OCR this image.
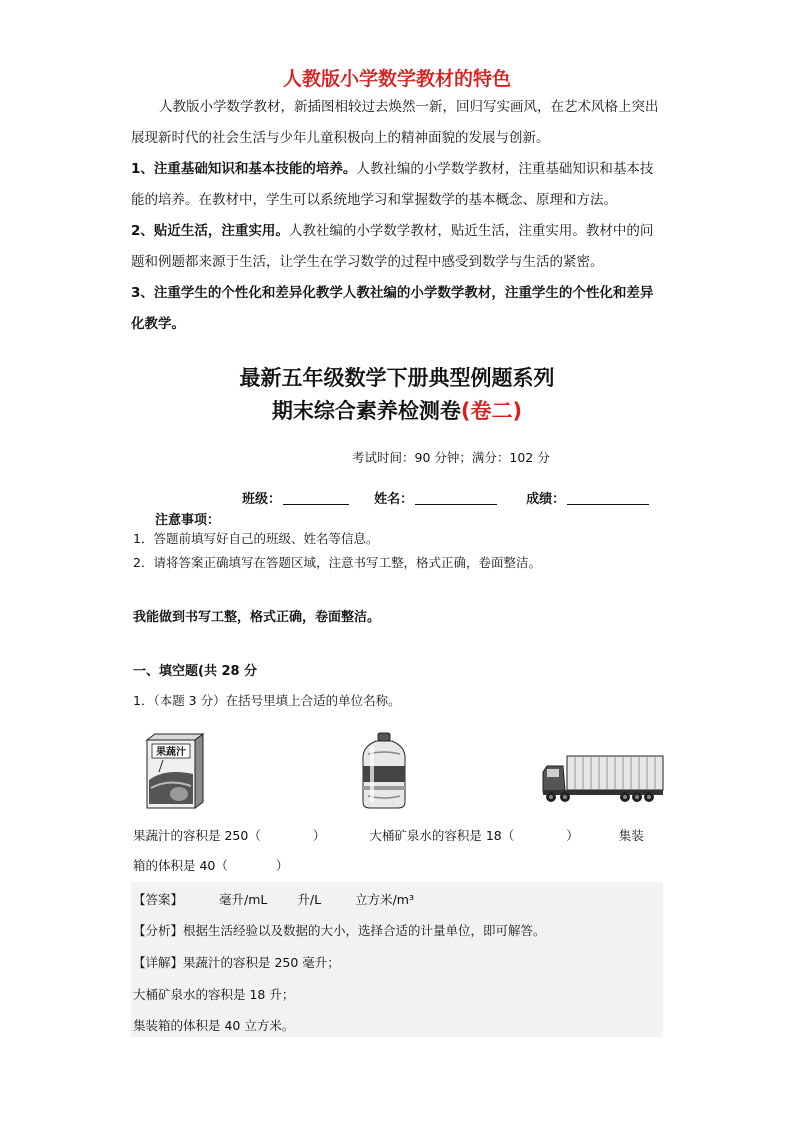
人教版小学数学教材的特色

人教版小学数学教材，新插图相较过去焕然一新，回归写实画风，在艺术风格上突出展现新时代的社会生活与少年儿童积极向上的精神面貌的发展与创新。

1、注重基础知识和基本技能的培养。人教社编的小学数学教材，注重基础知识和基本技能的培养。在教材中，学生可以系统地学习和掌握数学的基本概念、原理和方法。

2、贴近生活，注重实用。人教社编的小学数学教材，贴近生活，注重实用。教材中的问题和例题都来源于生活，让学生在学习数学的过程中感受到数学与生活的紧密。

3、注重学生的个性化和差异化教学人教社编的小学数学教材，注重学生的个性化和差异化教学。

最新五年级数学下册典型例题系列
期末综合素养检测卷(卷二)
考试时间：90 分钟；满分：102 分
班级：	姓名：	成绩：
注意事项：
1．答题前填写好自己的班级、姓名等信息。
2．请将答案正确填写在答题区域，注意书写工整，格式正确，卷面整洁。
我能做到书写工整，格式正确，卷面整洁。
一、填空题(共 28 分
1．（本题 3 分）在括号里填上合适的单位名称。
果蔬汁
果蔬汁的容积是 250（	）	大桶矿泉水的容积是 18（	）	集装
箱的体积是 40（	）
【答案】	毫升/mL 升/L	立方米/m³
【分析】根据生活经验以及数据的大小，选择合适的计量单位，即可解答。
【详解】果蔬汁的容积是 250 毫升；
大桶矿泉水的容积是 18 升；
集装箱的体积是 40 立方米。
